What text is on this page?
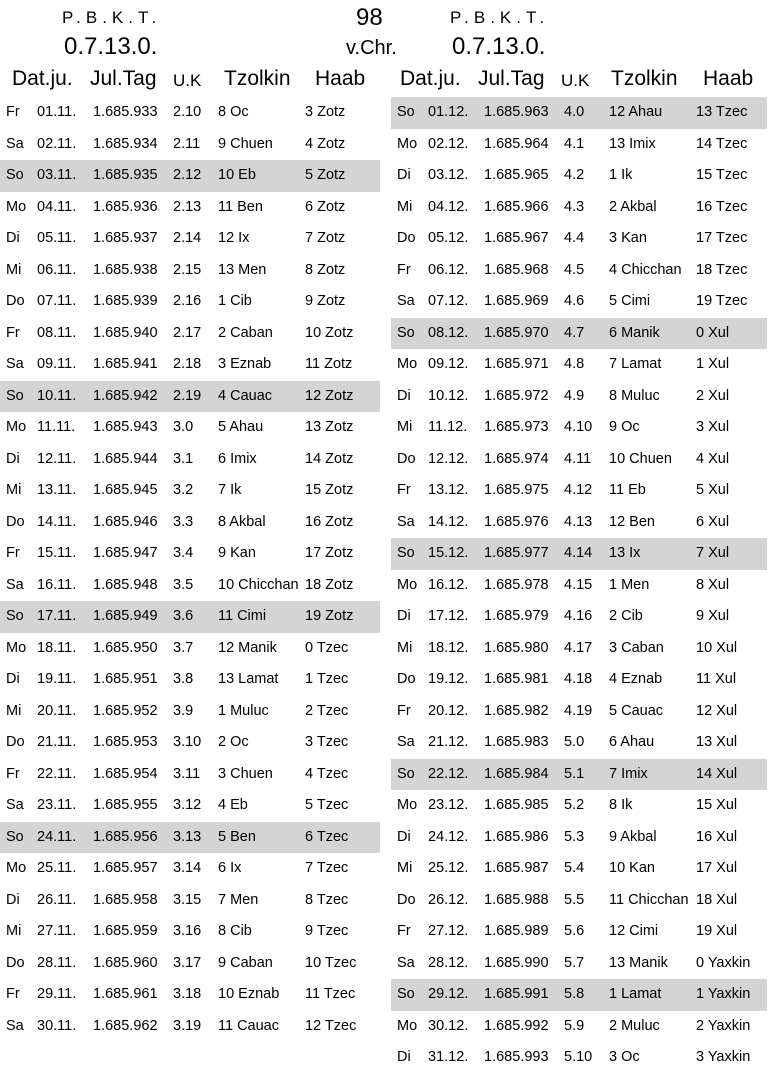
P.B.K.T.
0.7.13.0.
98
v.Chr.
P.B.K.T.
0.7.13.0.
Dat.ju. Jul.Tag U.K Tzolkin Haab Dat.ju. Jul.Tag U.K Tzolkin Haab
Fr 01.11. 1.685.933 2.10 8 Oc	3 Zotz
Sa 02.11. 1.685.934 2.11 9 Chuen 4 Zotz
So 03.11. 1.685.935 2.12 10 Eb	5 Zotz
Mo 04.11. 1.685.936 2.13 11 Ben	6 Zotz
Di 05.11. 1.685.937 2.14 12 Ix	7 Zotz
Mi 06.11. 1.685.938 2.15 13 Men	8 Zotz
Do 07.11. 1.685.939 2.16 1 Cib	9 Zotz
Fr 08.11. 1.685.940 2.17 2 Caban 10 Zotz
Sa 09.11. 1.685.941 2.18 3 Eznab 11 Zotz
So 10.11. 1.685.942 2.19 4 Cauac 12 Zotz
Mo 11.11. 1.685.943 3.0 5 Ahau	13 Zotz
Di 12.11. 1.685.944 3.1 6 Imix	14 Zotz
Mi 13.11. 1.685.945 3.2 7 Ik	15 Zotz
Do 14.11. 1.685.946 3.3 8 Akbal	16 Zotz
Fr 15.11. 1.685.947 3.4 9 Kan	17 Zotz
Sa 16.11. 1.685.948 3.5 10 Chicchan 18 Zotz
So 17.11. 1.685.949 3.6 11 Cimi	19 Zotz
Mo 18.11. 1.685.950 3.7 12 Manik 0 Tzec
Di 19.11. 1.685.951 3.8 13 Lamat 1 Tzec
Mi 20.11. 1.685.952 3.9 1 Muluc 2 Tzec
Do 21.11. 1.685.953 3.10 2 Oc	3 Tzec
Fr 22.11. 1.685.954 3.11 3 Chuen 4 Tzec
Sa 23.11. 1.685.955 3.12 4 Eb	5 Tzec
So 24.11. 1.685.956 3.13 5 Ben	6 Tzec
Mo 25.11. 1.685.957 3.14 6 Ix	7 Tzec
Di 26.11. 1.685.958 3.15 7 Men	8 Tzec
Mi 27.11. 1.685.959 3.16 8 Cib	9 Tzec
Do 28.11. 1.685.960 3.17 9 Caban 10 Tzec
Fr 29.11. 1.685.961 3.18 10 Eznab 11 Tzec
Sa 30.11. 1.685.962 3.19 11 Cauac 12 Tzec
So 01.12. 1.685.963 4.0 12 Ahau 13 Tzec
Mo 02.12. 1.685.964 4.1 13 Imix	14 Tzec
Di 03.12. 1.685.965 4.2 1 Ik	15 Tzec
Mi 04.12. 1.685.966 4.3 2 Akbal	16 Tzec
Do 05.12. 1.685.967 4.4 3 Kan	17 Tzec
Fr 06.12. 1.685.968 4.5 4 Chicchan 18 Tzec
Sa 07.12. 1.685.969 4.6 5 Cimi	19 Tzec
So 08.12. 1.685.970 4.7 6 Manik 0 Xul
Mo 09.12. 1.685.971 4.8 7 Lamat 1 Xul
Di 10.12. 1.685.972 4.9 8 Muluc 2 Xul
Mi 11.12. 1.685.973 4.10 9 Oc	3 Xul
Do 12.12. 1.685.974 4.11 10 Chuen 4 Xul
Fr 13.12. 1.685.975 4.12 11 Eb	5 Xul
Sa 14.12. 1.685.976 4.13 12 Ben	6 Xul
So 15.12. 1.685.977 4.14 13 Ix	7 Xul
Mo 16.12. 1.685.978 4.15 1 Men	8 Xul
Di 17.12. 1.685.979 4.16 2 Cib	9 Xul
Mi 18.12. 1.685.980 4.17 3 Caban 10 Xul
Do 19.12. 1.685.981 4.18 4 Eznab 11 Xul
Fr 20.12. 1.685.982 4.19 5 Cauac 12 Xul
Sa 21.12. 1.685.983 5.0 6 Ahau	13 Xul
So 22.12. 1.685.984 5.1 7 Imix	14 Xul
Mo 23.12. 1.685.985 5.2 8 Ik	15 Xul
Di 24.12. 1.685.986 5.3 9 Akbal	16 Xul
Mi 25.12. 1.685.987 5.4 10 Kan	17 Xul
Do 26.12. 1.685.988 5.5 11 Chicchan 18 Xul
Fr 27.12. 1.685.989 5.6 12 Cimi	19 Xul
Sa 28.12. 1.685.990 5.7 13 Manik 0 Yaxkin
So 29.12. 1.685.991 5.8 1 Lamat 1 Yaxkin
Mo 30.12. 1.685.992 5.9 2 Muluc 2 Yaxkin
Di 31.12. 1.685.993 5.10 3 Oc	3 Yaxkin
